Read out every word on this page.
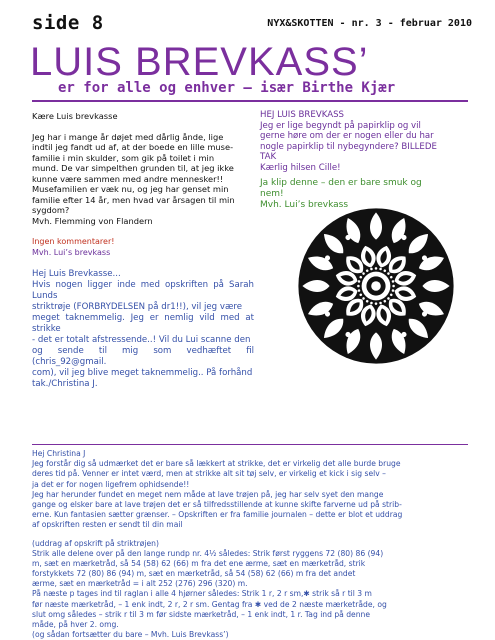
side 8	NYX&SKOTTEN - nr. 3 - februar 2010
LUIS BREVKASS’
er for alle og enhver – især Birthe Kjær

Kære Luis brevkasse

Jeg har i mange år døjet med dårlig ånde, lige

indtil jeg fandt ud af, at der boede en lille muse-

familie i min skulder, som gik på toilet i min

mund. De var simpelthen grunden til, at jeg ikke

kunne være sammen med andre mennesker!!

Musefamilien er væk nu, og jeg har genset min

familie efter 14 år, men hvad var årsagen til min

sygdom?

Mvh. Flemming von Flandern

Ingen kommentarer!

Mvh. Lui’s brevkass

Hej Luis Brevkasse...

Hvis nogen ligger inde med opskriften på Sarah Lunds

striktrøje (FORBRYDELSEN på dr1!!), vil jeg være

meget taknemmelig. Jeg er nemlig vild med at strikke

- det er totalt afstressende..! Vil du Lui scanne den

og sende til mig som vedhæftet fil (chris_92@gmail.

com), vil jeg blive meget taknemmelig.. På forhånd

tak./Christina J.

HEJ LUIS BREVKASS

Jeg er lige begyndt på papirklip og vil

gerne høre om der er nogen eller du har

nogle papirklip til nybegyndere? BILLEDE

TAK

Kærlig hilsen Cille!

Ja klip denne – den er bare smuk og

nem!

Mvh. Lui’s brevkass

Hej Christina J

Jeg forstår dig så udmærket det er bare så lækkert at strikke, det er virkelig det alle burde bruge

deres tid på. Venner er intet værd, men at strikke alt sit tøj selv, er virkelig et kick i sig selv –

ja det er for nogen ligefrem ophidsende!!

Jeg har herunder fundet en meget nem måde at lave trøjen på, jeg har selv syet den mange

gange og elsker bare at lave trøjen det er så tilfredsstillende at kunne skifte farverne ud på strib-

erne. Kun fantasien sætter grænser. – Opskriften er fra familie journalen – dette er blot et uddrag

af opskriften resten er sendt til din mail

(uddrag af opskrift på striktrøjen)

Strik alle delene over på den lange rundp nr. 4½ således: Strik først ryggens 72 (80) 86 (94)

m, sæt en mærketråd, så 54 (58) 62 (66) m fra det ene ærme, sæt en mærketråd, strik

forstykkets 72 (80) 86 (94) m, sæt en mærketråd, så 54 (58) 62 (66) m fra det andet

ærme, sæt en mærketråd = i alt 252 (276) 296 (320) m.

På næste p tages ind til raglan i alle 4 hjørner således: Strik 1 r, 2 r sm,✱ strik så r til 3 m

før næste mærketråd, – 1 enk indt, 2 r, 2 r sm. Gentag fra ✱ ved de 2 næste mærketråde, og

slut omg således – strik r til 3 m før sidste mærketråd, – 1 enk indt, 1 r. Tag ind på denne

måde, på hver 2. omg.

(og sådan fortsætter du bare – Mvh. Luis Brevkass’)
